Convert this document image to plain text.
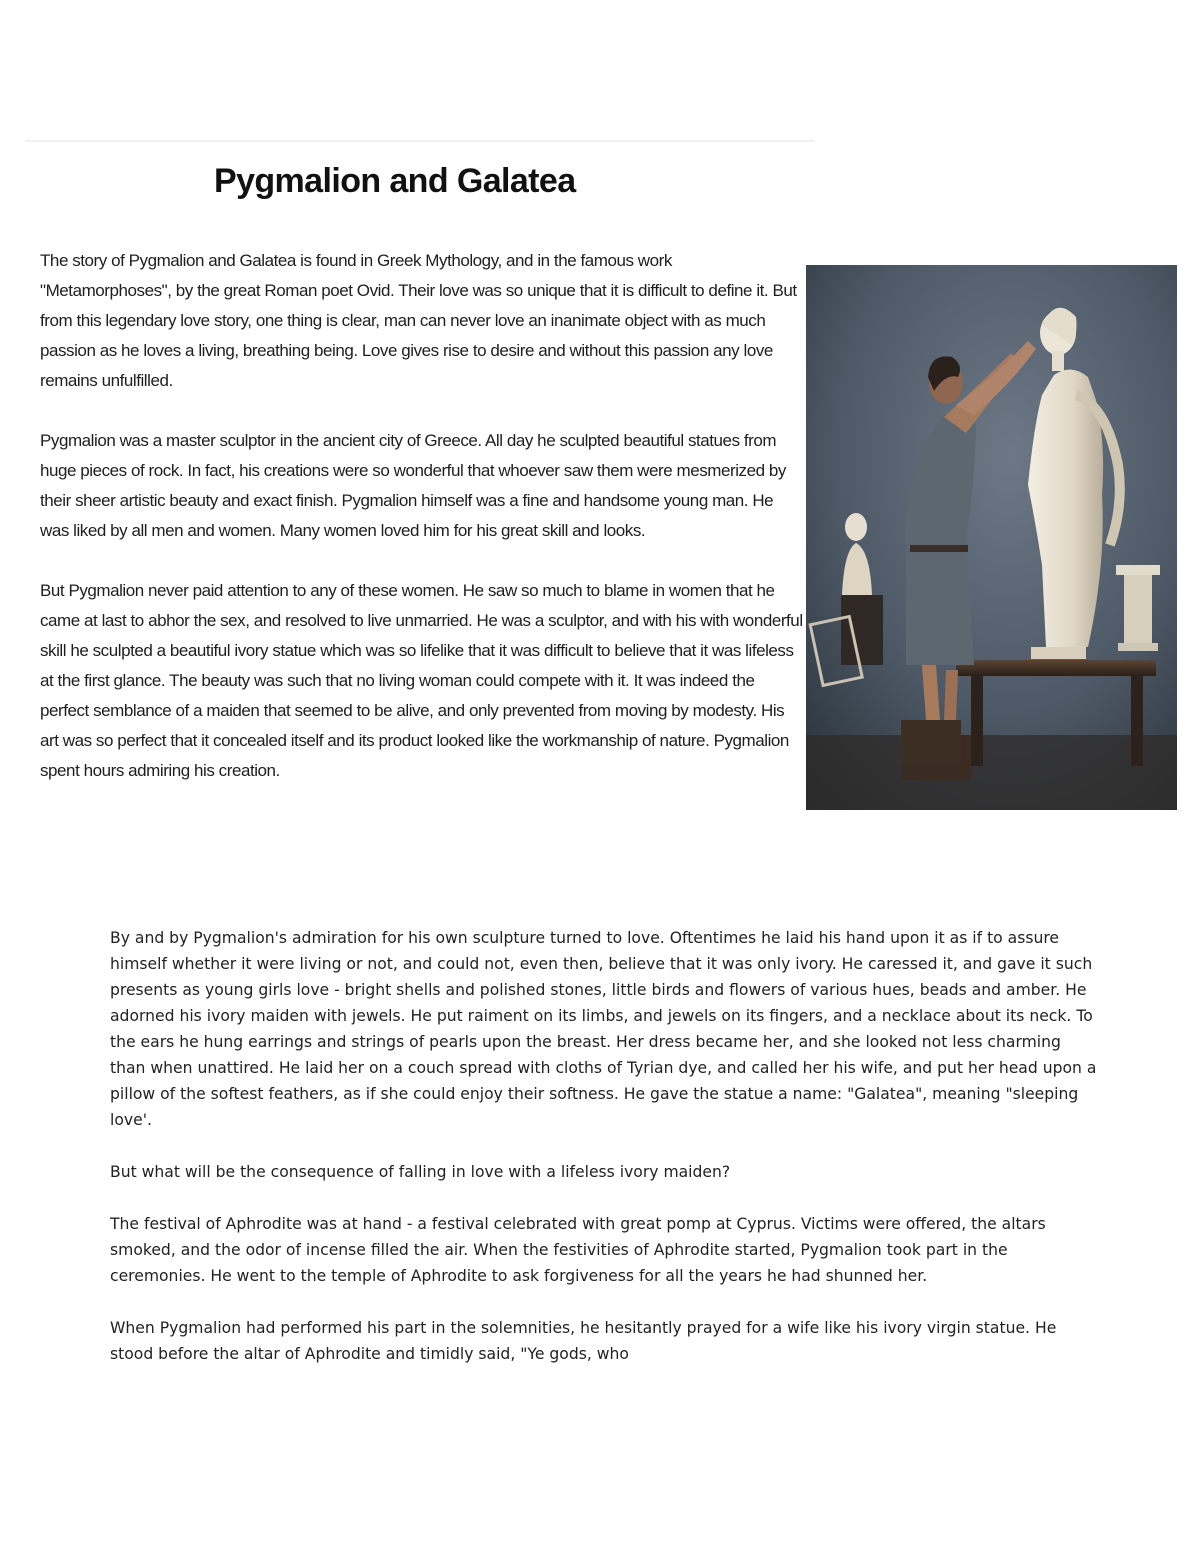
Pygmalion and Galatea

The story of Pygmalion and Galatea is found in Greek Mythology, and in the famous work "Metamorphoses", by the great Roman poet Ovid. Their love was so unique that it is difficult to define it. But from this legendary love story, one thing is clear, man can never love an inanimate object with as much passion as he loves a living, breathing being. Love gives rise to desire and without this passion any love remains unfulfilled.

Pygmalion was a master sculptor in the ancient city of Greece. All day he sculpted beautiful statues from huge pieces of rock. In fact, his creations were so wonderful that whoever saw them were mesmerized by their sheer artistic beauty and exact finish. Pygmalion himself was a fine and handsome young man. He was liked by all men and women. Many women loved him for his great skill and looks.

But Pygmalion never paid attention to any of these women. He saw so much to blame in women that he came at last to abhor the sex, and resolved to live unmarried. He was a sculptor, and with his with wonderful skill he sculpted a beautiful ivory statue which was so lifelike that it was difficult to believe that it was lifeless at the first glance. The beauty was such that no living woman could compete with it. It was indeed the perfect semblance of a maiden that seemed to be alive, and only prevented from moving by modesty. His art was so perfect that it concealed itself and its product looked like the workmanship of nature. Pygmalion spent hours admiring his creation.

By and by Pygmalion's admiration for his own sculpture turned to love. Oftentimes he laid his hand upon it as if to assure himself whether it were living or not, and could not, even then, believe that it was only ivory. He caressed it, and gave it such presents as young girls love - bright shells and polished stones, little birds and flowers of various hues, beads and amber. He adorned his ivory maiden with jewels. He put raiment on its limbs, and jewels on its fingers, and a necklace about its neck. To the ears he hung earrings and strings of pearls upon the breast. Her dress became her, and she looked not less charming than when unattired. He laid her on a couch spread with cloths of Tyrian dye, and called her his wife, and put her head upon a pillow of the softest feathers, as if she could enjoy their softness. He gave the statue a name: "Galatea", meaning "sleeping love'.

But what will be the consequence of falling in love with a lifeless ivory maiden?

The festival of Aphrodite was at hand - a festival celebrated with great pomp at Cyprus. Victims were offered, the altars smoked, and the odor of incense filled the air. When the festivities of Aphrodite started, Pygmalion took part in the ceremonies. He went to the temple of Aphrodite to ask forgiveness for all the years he had shunned her.

When Pygmalion had performed his part in the solemnities, he hesitantly prayed for a wife like his ivory virgin statue. He stood before the altar of Aphrodite and timidly said, "Ye gods, who
